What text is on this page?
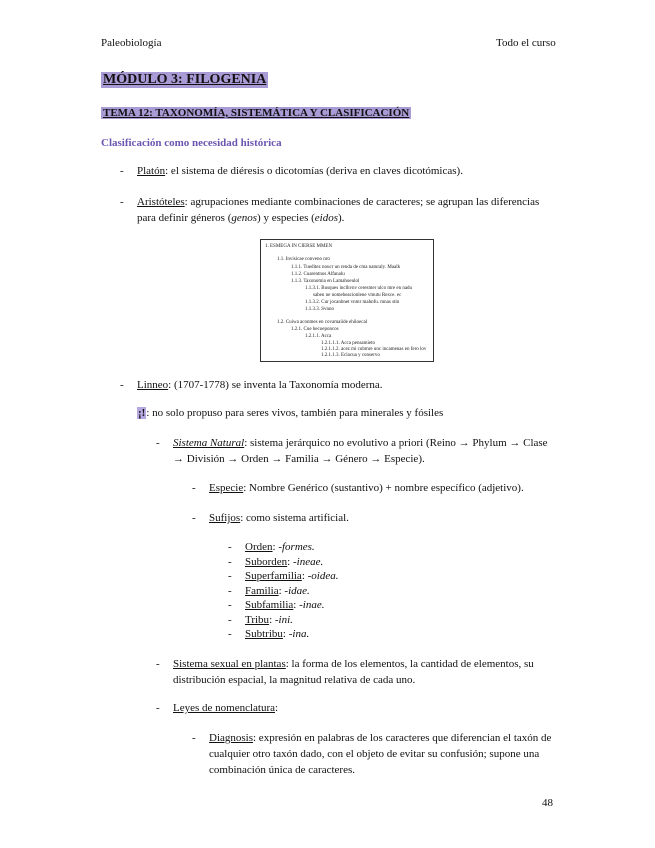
Paleobiología	Todo el curso
MÓDULO 3: FILOGENIA
TEMA 12: TAXONOMÍA, SISTEMÁTICA Y CLASIFICACIÓN
Clasificación como necesidad histórica
- Platón: el sistema de diéresis o dicotomías (deriva en claves dicotómicas).
- Aristóteles: agrupaciones mediante combinaciones de caracteres; se agrupan las diferencias
para definir géneros (genos) y especies (eidos).
1. ESMEGA IN CIERSE MMEN
1.1. Invisicae conveno nro
1.1.1. Tueditez noucr un renda de cma naturaly. Maalk
1.1.2. Cuarentnos Alfanalu
1.1.3. Taxonomia en Lamahoeulol
1.1.3.1. Busques inclhvnv ceresmer ulco mre en nadu
saben ne nomeheacionlene vmutu Rexce. ec
1.1.3.2. Cur jocanbnet vnmr mahnfu. mnas stin
1.1.3.3. Svnno
1.2. Cuiwa aconmes en covamaiide ehiloecal
1.2.1. Cue hecoeponcos
1.2.1.1. Acca
1.2.1.1.1. Acca pensamieto
1.2.1.1.2. acez mi cubmre unc incamenas en fero lov
1.2.1.1.3. Eclacua y conservo
- Linneo: (1707-1778) se inventa la Taxonomía moderna.
¡!: no solo propuso para seres vivos, también para minerales y fósiles
- Sistema Natural: sistema jerárquico no evolutivo a priori (Reino → Phylum → Clase
→ División → Orden → Familia → Género → Especie).
- Especie: Nombre Genérico (sustantivo) + nombre específico (adjetivo).
- Sufijos: como sistema artificial.
- Orden: -formes.
- Suborden: -ineae.
- Superfamilia: -oidea.
- Familia: -idae.
- Subfamilia: -inae.
- Tribu: -ini.
- Subtribu: -ina.
- Sistema sexual en plantas: la forma de los elementos, la cantidad de elementos, su
distribución espacial, la magnitud relativa de cada uno.
- Leyes de nomenclatura:
- Diagnosis: expresión en palabras de los caracteres que diferencian el taxón de
cualquier otro taxón dado, con el objeto de evitar su confusión; supone una
combinación única de caracteres.
48
